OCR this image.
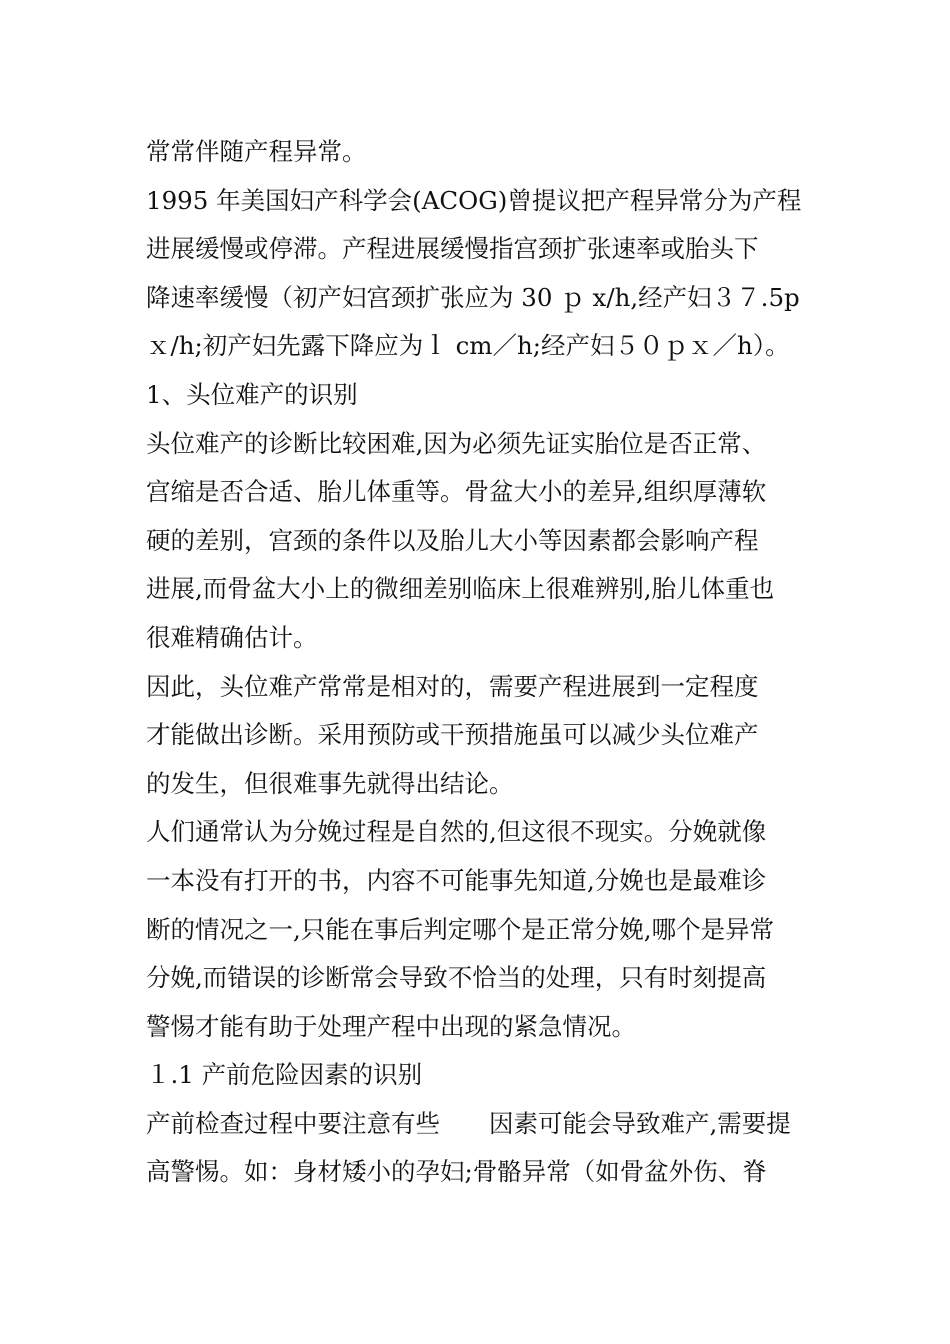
常常伴随产程异常。
1995 年美国妇产科学会(ACOG)曾提议把产程异常分为产程
进展缓慢或停滞。产程进展缓慢指宫颈扩张速率或胎头下
降速率缓慢（初产妇宫颈扩张应为 30 ｐ x/h,经产妇３７.5p
ｘ/h;初产妇先露下降应为ｌ cm／h;经产妇５０ｐｘ／h）。
1、头位难产的识别
头位难产的诊断比较困难,因为必须先证实胎位是否正常、
宫缩是否合适、胎儿体重等。骨盆大小的差异,组织厚薄软
硬的差别，宫颈的条件以及胎儿大小等因素都会影响产程
进展,而骨盆大小上的微细差别临床上很难辨别,胎儿体重也
很难精确估计。
因此，头位难产常常是相对的，需要产程进展到一定程度
才能做出诊断。采用预防或干预措施虽可以减少头位难产
的发生，但很难事先就得出结论。
人们通常认为分娩过程是自然的,但这很不现实。分娩就像
一本没有打开的书，内容不可能事先知道,分娩也是最难诊
断的情况之一,只能在事后判定哪个是正常分娩,哪个是异常
分娩,而错误的诊断常会导致不恰当的处理，只有时刻提高
警惕才能有助于处理产程中出现的紧急情况。
１.1 产前危险因素的识别
产前检查过程中要注意有些　　因素可能会导致难产,需要提
高警惕。如：身材矮小的孕妇;骨骼异常（如骨盆外伤、脊
